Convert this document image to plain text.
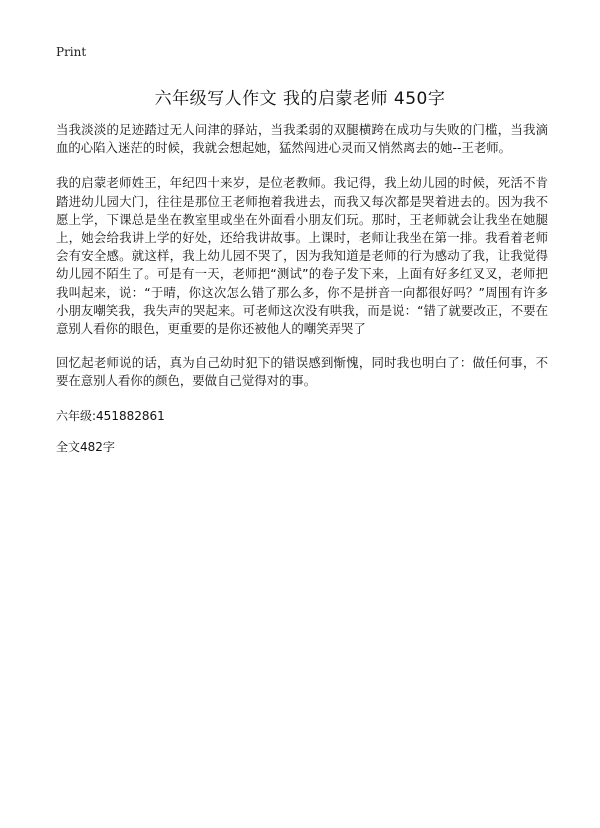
Print
六年级写人作文 我的启蒙老师 450字

当我淡淡的足迹踏过无人问津的驿站，当我柔弱的双腿横跨在成功与失败的门槛，当我滴血的心陷入迷茫的时候，我就会想起她，猛然闯进心灵而又悄然离去的她--王老师。

我的启蒙老师姓王，年纪四十来岁，是位老教师。我记得，我上幼儿园的时候，死活不肯踏进幼儿园大门，往往是那位王老师抱着我进去，而我又每次都是哭着进去的。因为我不愿上学，下课总是坐在教室里或坐在外面看小朋友们玩。那时，王老师就会让我坐在她腿上，她会给我讲上学的好处，还给我讲故事。上课时，老师让我坐在第一排。我看着老师会有安全感。就这样，我上幼儿园不哭了，因为我知道是老师的行为感动了我，让我觉得幼儿园不陌生了。可是有一天，老师把“测试”的卷子发下来，上面有好多红叉叉，老师把我叫起来，说：“于晴，你这次怎么错了那么多，你不是拼音一向都很好吗？”周围有许多小朋友嘲笑我，我失声的哭起来。可老师这次没有哄我，而是说：“错了就要改正，不要在意别人看你的眼色，更重要的是你还被他人的嘲笑弄哭了

回忆起老师说的话，真为自己幼时犯下的错误感到惭愧，同时我也明白了：做任何事，不要在意别人看你的颜色，要做自己觉得对的事。

六年级:451882861

全文482字
